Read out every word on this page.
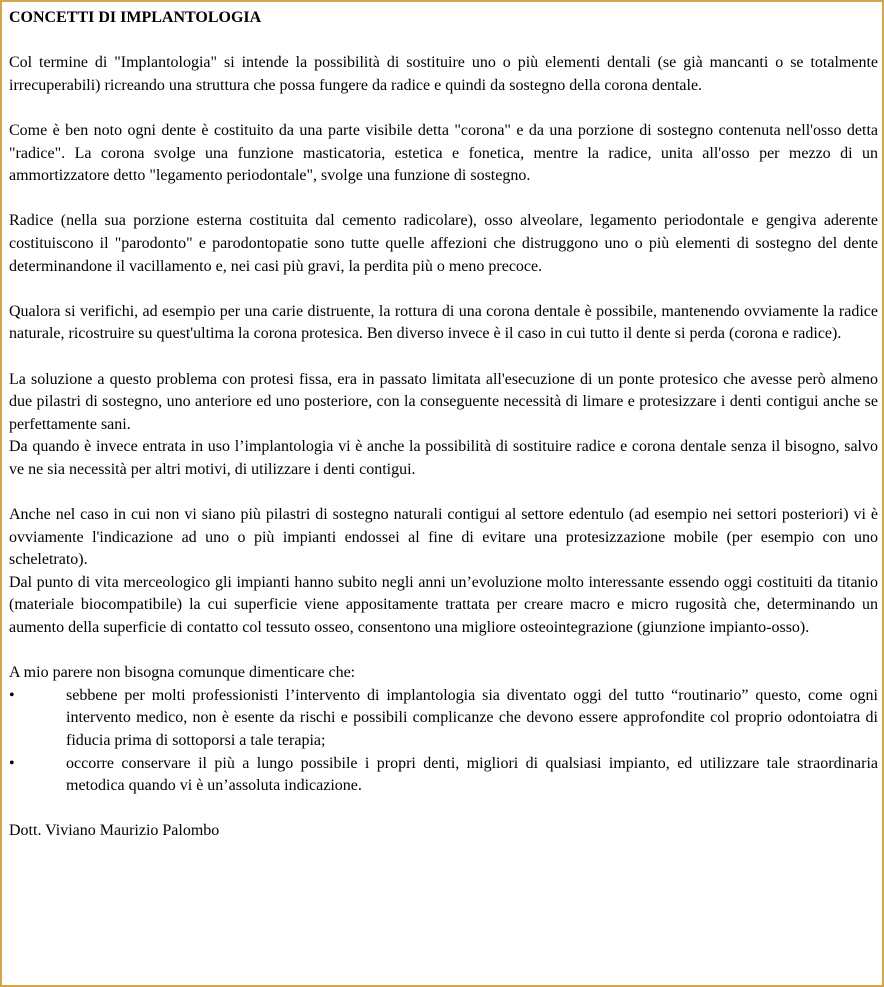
CONCETTI DI IMPLANTOLOGIA

Col termine di "Implantologia" si intende la possibilità di sostituire uno o più elementi dentali (se già mancanti o se totalmente irrecuperabili) ricreando una struttura che possa fungere da radice e quindi da sostegno della corona dentale.

Come è ben noto ogni dente è costituito da una parte visibile detta "corona" e da una porzione di sostegno contenuta nell'osso detta "radice". La corona svolge una funzione masticatoria, estetica e fonetica, mentre la radice, unita all'osso per mezzo di un ammortizzatore detto "legamento periodontale", svolge una funzione di sostegno.

Radice (nella sua porzione esterna costituita dal cemento radicolare), osso alveolare, legamento periodontale e gengiva aderente costituiscono il "parodonto" e parodontopatie sono tutte quelle affezioni che distruggono uno o più elementi di sostegno del dente determinandone il vacillamento e, nei casi più gravi, la perdita più o meno precoce.

Qualora si verifichi, ad esempio per una carie distruente, la rottura di una corona dentale è possibile, mantenendo ovviamente la radice naturale, ricostruire su quest'ultima la corona protesica. Ben diverso invece è il caso in cui tutto il dente si perda (corona e radice).

La soluzione a questo problema con protesi fissa, era in passato limitata all'esecuzione di un ponte protesico che avesse però almeno due pilastri di sostegno, uno anteriore ed uno posteriore, con la conseguente necessità di limare e protesizzare i denti contigui anche se perfettamente sani.

Da quando è invece entrata in uso l’implantologia vi è anche la possibilità di sostituire radice e corona dentale senza il bisogno, salvo ve ne sia necessità per altri motivi, di utilizzare i denti contigui.

Anche nel caso in cui non vi siano più pilastri di sostegno naturali contigui al settore edentulo (ad esempio nei settori posteriori) vi è ovviamente l'indicazione ad uno o più impianti endossei al fine di evitare una protesizzazione mobile (per esempio con uno scheletrato).

Dal punto di vita merceologico gli impianti hanno subito negli anni un’evoluzione molto interessante essendo oggi costituiti da titanio (materiale biocompatibile) la cui superficie viene appositamente trattata per creare macro e micro rugosità che, determinando un aumento della superficie di contatto col tessuto osseo, consentono una migliore osteointegrazione (giunzione impianto-osso).

A mio parere non bisogna comunque dimenticare che:

•	sebbene per molti professionisti l’intervento di implantologia sia diventato oggi del tutto “routinario” questo, come ogni intervento medico, non è esente da rischi e possibili complicanze che devono essere approfondite col proprio odontoiatra di fiducia prima di sottoporsi a tale terapia;
•	occorre conservare il più a lungo possibile i propri denti, migliori di qualsiasi impianto, ed utilizzare tale straordinaria metodica quando vi è un’assoluta indicazione.

Dott. Viviano Maurizio Palombo
